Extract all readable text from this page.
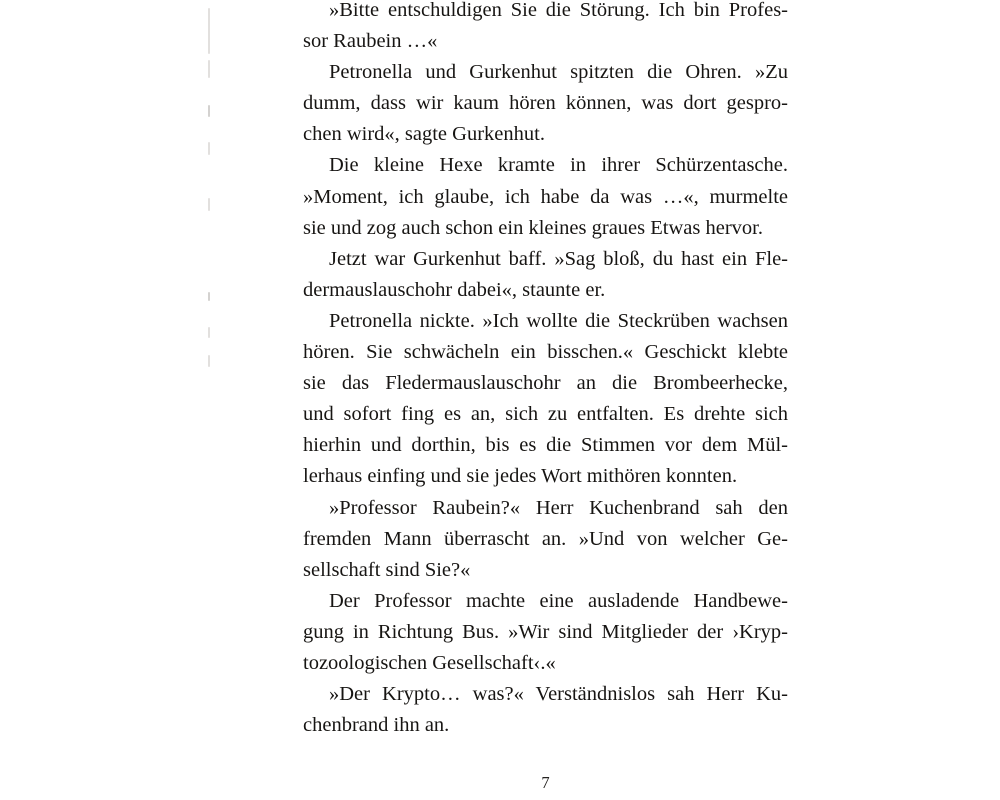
»Bitte entschuldigen Sie die Störung. Ich bin Profes-
sor Raubein …«
Petronella und Gurkenhut spitzten die Ohren. »Zu
dumm, dass wir kaum hören können, was dort gespro-
chen wird«, sagte Gurkenhut.
Die kleine Hexe kramte in ihrer Schürzentasche.
»Moment, ich glaube, ich habe da was …«, murmelte
sie und zog auch schon ein kleines graues Etwas hervor.
Jetzt war Gurkenhut baff. »Sag bloß, du hast ein Fle-
dermauslauschohr dabei«, staunte er.
Petronella nickte. »Ich wollte die Steckrüben wachsen
hören. Sie schwächeln ein bisschen.« Geschickt klebte
sie das Fledermauslauschohr an die Brombeerhecke,
und sofort fing es an, sich zu entfalten. Es drehte sich
hierhin und dorthin, bis es die Stimmen vor dem Mül-
lerhaus einfing und sie jedes Wort mithören konnten.
»Professor Raubein?« Herr Kuchenbrand sah den
fremden Mann überrascht an. »Und von welcher Ge-
sellschaft sind Sie?«
Der Professor machte eine ausladende Handbewe-
gung in Richtung Bus. »Wir sind Mitglieder der ›Kryp-
tozoologischen Gesellschaft‹.«
»Der Krypto… was?« Verständnislos sah Herr Ku-
chenbrand ihn an.
7
